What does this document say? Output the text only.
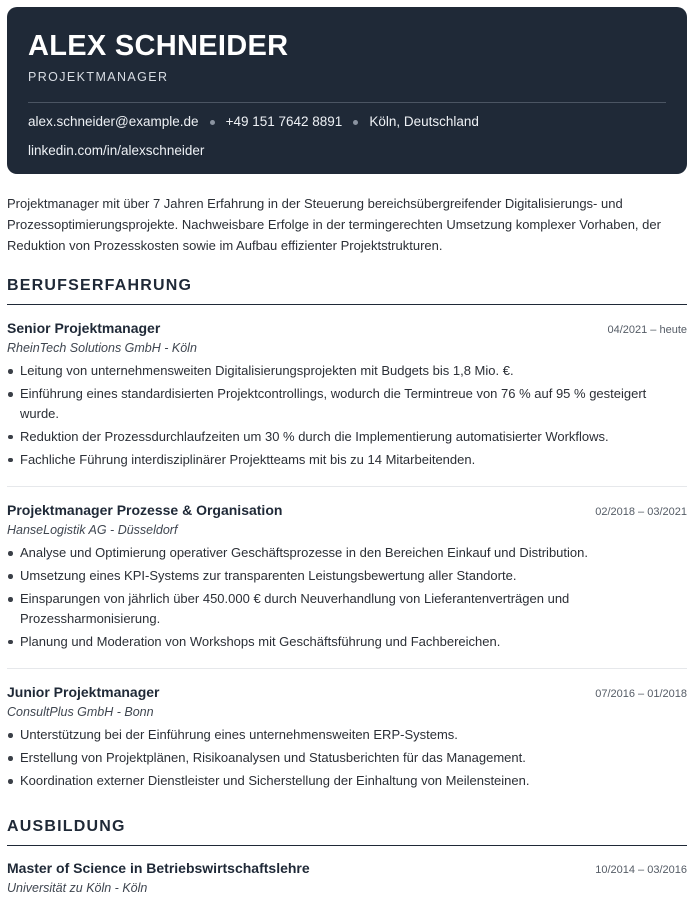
ALEX SCHNEIDER
PROJEKTMANAGER
alex.schneider@example.de +49 151 7642 8891 Köln, Deutschland
linkedin.com/in/alexschneider

Projektmanager mit über 7 Jahren Erfahrung in der Steuerung bereichsübergreifender Digitalisierungs- und Prozessoptimierungsprojekte. Nachweisbare Erfolge in der termingerechten Umsetzung komplexer Vorhaben, der Reduktion von Prozesskosten sowie im Aufbau effizienter Projektstrukturen.

BERUFSERFAHRUNG
Senior Projektmanager	04/2021 – heute
RheinTech Solutions GmbH - Köln
Leitung von unternehmensweiten Digitalisierungsprojekten mit Budgets bis 1,8 Mio. €.
Einführung eines standardisierten Projektcontrollings, wodurch die Termintreue von 76 % auf 95 % gesteigert wurde.
Reduktion der Prozessdurchlaufzeiten um 30 % durch die Implementierung automatisierter Workflows.
Fachliche Führung interdisziplinärer Projektteams mit bis zu 14 Mitarbeitenden.
Projektmanager Prozesse & Organisation	02/2018 – 03/2021
HanseLogistik AG - Düsseldorf
Analyse und Optimierung operativer Geschäftsprozesse in den Bereichen Einkauf und Distribution.
Umsetzung eines KPI-Systems zur transparenten Leistungsbewertung aller Standorte.
Einsparungen von jährlich über 450.000 € durch Neuverhandlung von Lieferantenverträgen und Prozessharmonisierung.
Planung und Moderation von Workshops mit Geschäftsführung und Fachbereichen.
Junior Projektmanager	07/2016 – 01/2018
ConsultPlus GmbH - Bonn
Unterstützung bei der Einführung eines unternehmensweiten ERP-Systems.
Erstellung von Projektplänen, Risikoanalysen und Statusberichten für das Management.
Koordination externer Dienstleister und Sicherstellung der Einhaltung von Meilensteinen.
AUSBILDUNG
Master of Science in Betriebswirtschaftslehre	10/2014 – 03/2016
Universität zu Köln - Köln
